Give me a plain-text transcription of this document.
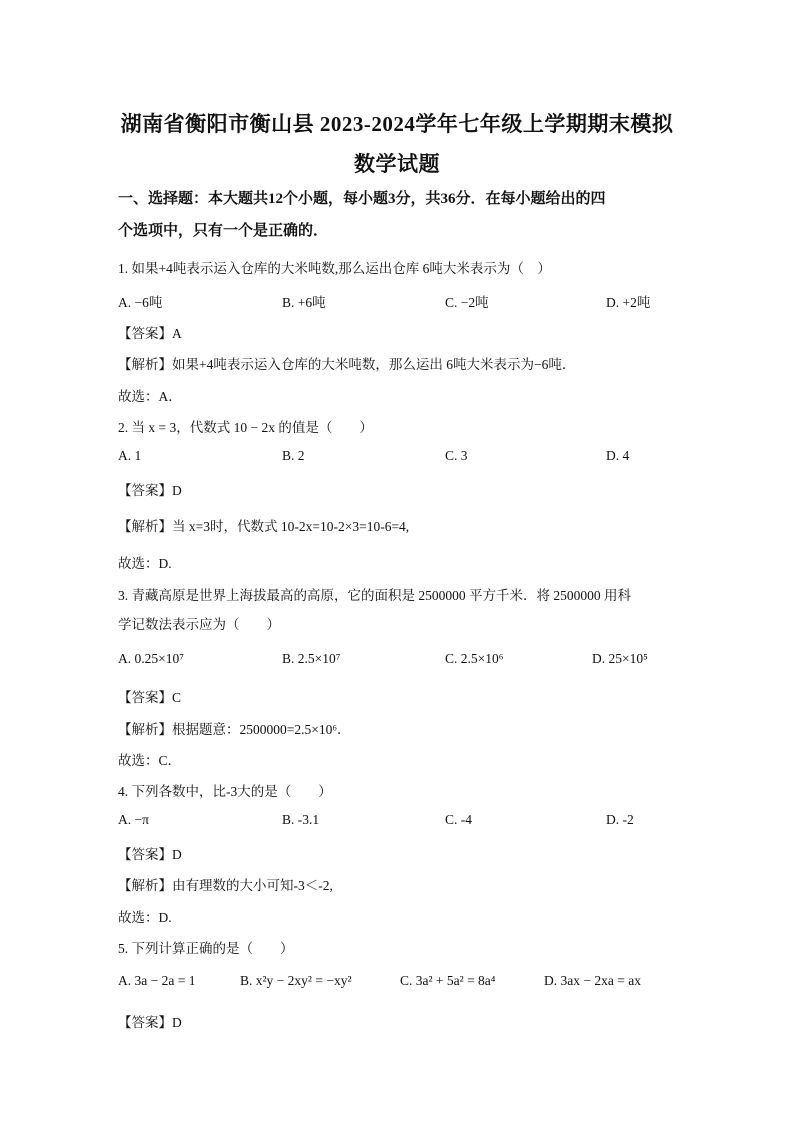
湖南省衡阳市衡山县 2023-2024学年七年级上学期期末模拟
数学试题
一、选择题：本大题共12个小题，每小题3分，共36分．在每小题给出的四
个选项中，只有一个是正确的．
1. 如果+4吨表示运入仓库的大米吨数,那么运出仓库 6吨大米表示为（　）
A. −6吨	B. +6吨	C. −2吨	D. +2吨
【答案】A
【解析】如果+4吨表示运入仓库的大米吨数，那么运出 6吨大米表示为−6吨．
故选：A．
2. 当 x = 3，代数式 10 − 2x 的值是（　　）
A. 1	B. 2	C. 3	D. 4
【答案】D
【解析】当 x=3时，代数式 10-2x=10-2×3=10-6=4,
故选：D.
3. 青藏高原是世界上海拔最高的高原，它的面积是 2500000 平方千米．将 2500000 用科
学记数法表示应为（　　）
A. 0.25×10⁷	B. 2.5×10⁷	C. 2.5×10⁶	D. 25×10⁵
【答案】C
【解析】根据题意：2500000=2.5×10⁶．
故选：C．
4. 下列各数中，比-3大的是（　　）
A. −π	B. -3.1	C. -4	D. -2
【答案】D
【解析】由有理数的大小可知-3＜-2,
故选：D.
5. 下列计算正确的是（　　）
A. 3a − 2a = 1	B. x²y − 2xy² = −xy²	C. 3a² + 5a² = 8a⁴	D. 3ax − 2xa = ax
【答案】D
